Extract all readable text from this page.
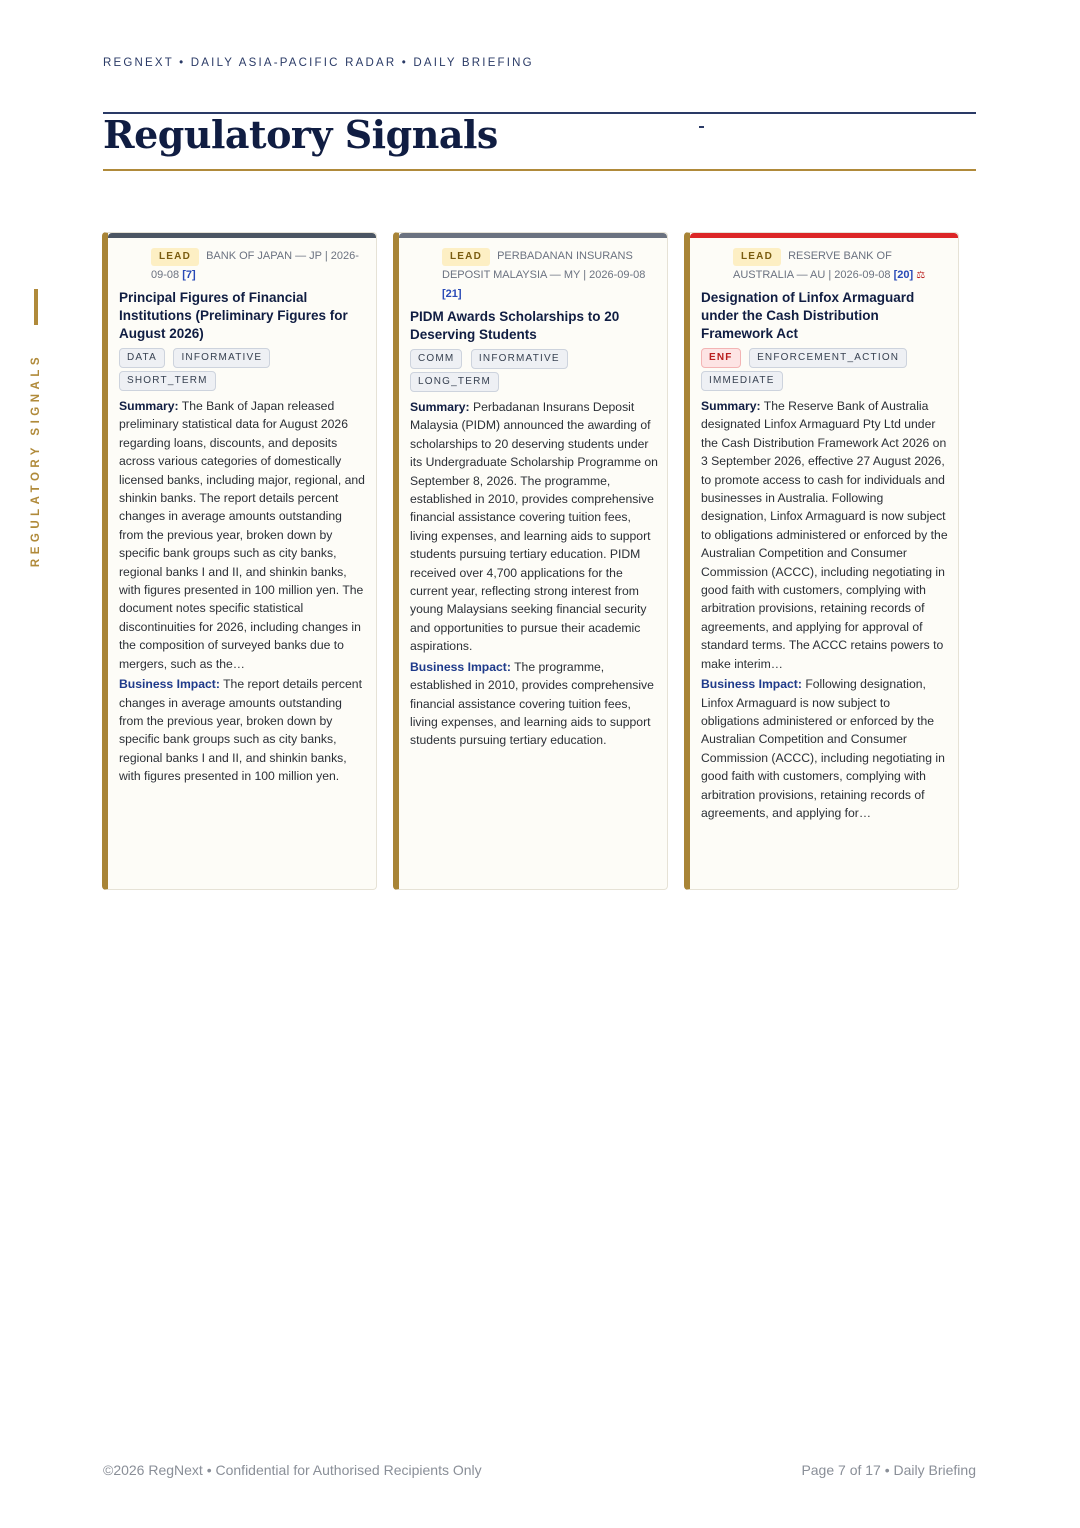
REGNEXT • DAILY ASIA-PACIFIC RADAR • DAILY BRIEFING
Regulatory Signals
REGULATORY SIGNALS
LEAD BANK OF JAPAN — JP | 2026-09-08 [7]
Principal Figures of Financial Institutions (Preliminary Figures for August 2026)
DATA INFORMATIVE SHORT_TERM

Summary: The Bank of Japan released preliminary statistical data for August 2026 regarding loans, discounts, and deposits across various categories of domestically licensed banks, including major, regional, and shinkin banks. The report details percent changes in average amounts outstanding from the previous year, broken down by specific bank groups such as city banks, regional banks I and II, and shinkin banks, with figures presented in 100 million yen. The document notes specific statistical discontinuities for 2026, including changes in the composition of surveyed banks due to mergers, such as the…

Business Impact: The report details percent changes in average amounts outstanding from the previous year, broken down by specific bank groups such as city banks, regional banks I and II, and shinkin banks, with figures presented in 100 million yen.

LEAD PERBADANAN INSURANS DEPOSIT MALAYSIA — MY | 2026-09-08 [21]
PIDM Awards Scholarships to 20 Deserving Students
COMM INFORMATIVE LONG_TERM

Summary: Perbadanan Insurans Deposit Malaysia (PIDM) announced the awarding of scholarships to 20 deserving students under its Undergraduate Scholarship Programme on September 8, 2026. The programme, established in 2010, provides comprehensive financial assistance covering tuition fees, living expenses, and learning aids to support students pursuing tertiary education. PIDM received over 4,700 applications for the current year, reflecting strong interest from young Malaysians seeking financial security and opportunities to pursue their academic aspirations.

Business Impact: The programme, established in 2010, provides comprehensive financial assistance covering tuition fees, living expenses, and learning aids to support students pursuing tertiary education.

LEAD RESERVE BANK OF AUSTRALIA — AU | 2026-09-08 [20] ⚖
Designation of Linfox Armaguard under the Cash Distribution Framework Act
ENF ENFORCEMENT_ACTION IMMEDIATE

Summary: The Reserve Bank of Australia designated Linfox Armaguard Pty Ltd under the Cash Distribution Framework Act 2026 on 3 September 2026, effective 27 August 2026, to promote access to cash for individuals and businesses in Australia. Following designation, Linfox Armaguard is now subject to obligations administered or enforced by the Australian Competition and Consumer Commission (ACCC), including negotiating in good faith with customers, complying with arbitration provisions, retaining records of agreements, and applying for approval of standard terms. The ACCC retains powers to make interim…

Business Impact: Following designation, Linfox Armaguard is now subject to obligations administered or enforced by the Australian Competition and Consumer Commission (ACCC), including negotiating in good faith with customers, complying with arbitration provisions, retaining records of agreements, and applying for…

©2026 RegNext • Confidential for Authorised Recipients Only	Page 7 of 17 • Daily Briefing
